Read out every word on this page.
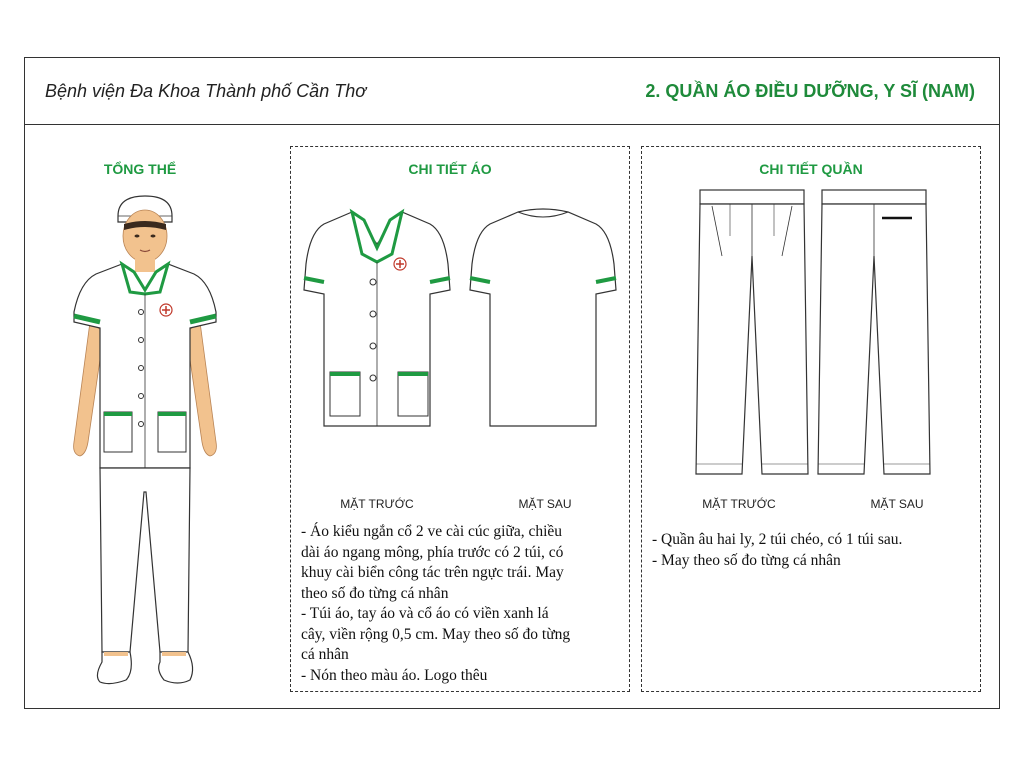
Bệnh viện Đa Khoa Thành phố Cần Thơ	2. QUẦN ÁO ĐIỀU DƯỠNG, Y SĨ (NAM)
TỔNG THỂ	CHI TIẾT ÁO	CHI TIẾT QUẦN
MẶT TRƯỚC	MẶT SAU	MẶT TRƯỚC	MẶT SAU
- Áo kiểu ngắn cổ 2 ve cài cúc giữa, chiều
dài áo ngang mông, phía trước có 2 túi, có
khuy cài biển công tác trên ngực trái. May
theo số đo từng cá nhân
- Túi áo, tay áo và cổ áo có viền xanh lá
cây, viền rộng 0,5 cm. May theo số đo từng
cá nhân
- Nón theo màu áo. Logo thêu
- Quần âu hai ly, 2 túi chéo, có 1 túi sau.
- May theo số đo từng cá nhân
